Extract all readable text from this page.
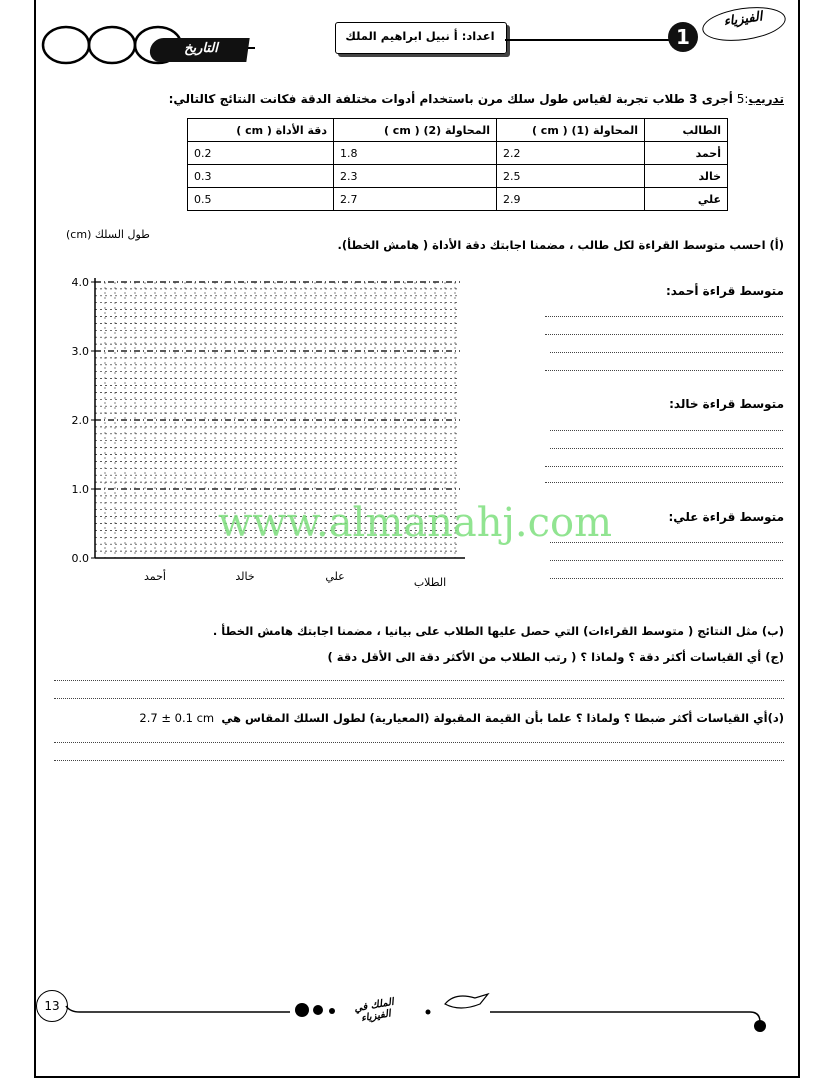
التاريخ
اعداد: أ نبيل ابراهيم الملك	1
الفيزياء
تدريب:5 أجرى 3 طلاب تجربة لقياس طول سلك مرن باستخدام أدوات مختلفة الدقة فكانت النتائج كالتالي:
الطالب	المحاولة (1) ( cm )	المحاولة (2) ( cm )	دقة الأداة ( cm )
أحمد	2.2	1.8	0.2
خالد	2.5	2.3	0.3
علي	2.9	2.7	0.5
طول السلك (cm)
(أ) احسب متوسط القراءة لكل طالب ، مضمنا اجابتك دقة الأداة ( هامش الخطأ).
0.0
1.0
2.0
3.0
4.0
أحمد	خالد	علي	الطلاب
متوسط قراءة أحمد:
متوسط قراءة خالد:
متوسط قراءة علي:
www.almanahj.com
(ب) مثل النتائج ( متوسط القراءات) التي حصل عليها الطلاب على بيانيا ، مضمنا اجابتك هامش الخطأ .
(ج) أي القياسات أكثر دقة ؟ ولماذا ؟ ( رتب الطلاب من الأكثر دقة الى الأقل دقة )
(د)أي القياسات أكثر ضبطا ؟ ولماذا ؟ علما بأن القيمة المقبولة (المعيارية) لطول السلك المقاس هي  2.7 ± 0.1 cm
13	الملك في الفيزياء
